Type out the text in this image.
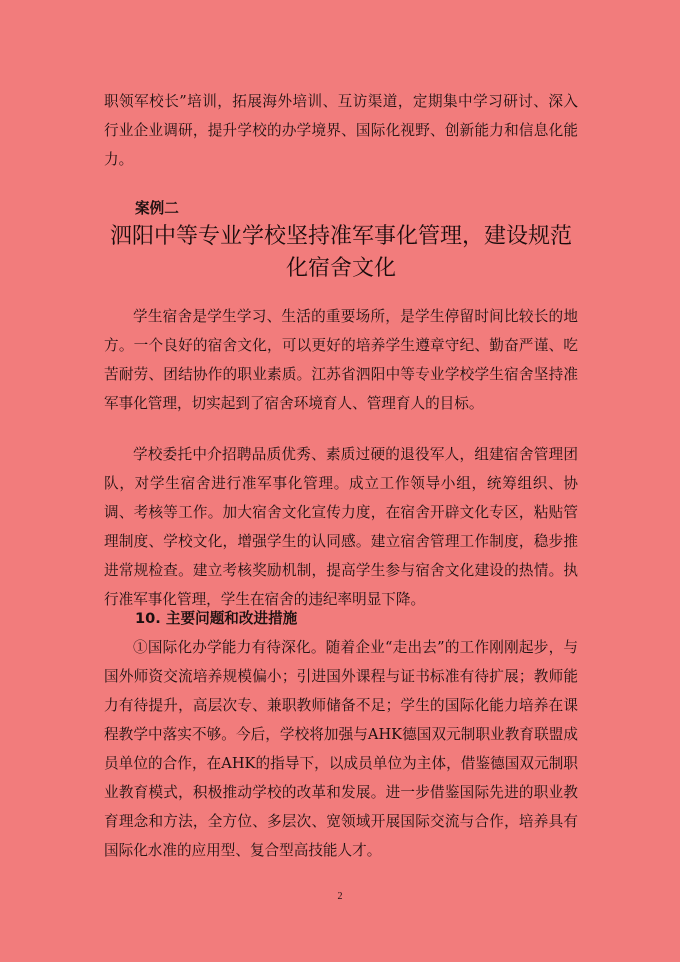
职领军校长”培训，拓展海外培训、互访渠道，定期集中学习研讨、深入行业企业调研，提升学校的办学境界、国际化视野、创新能力和信息化能力。

案例二

泗阳中等专业学校坚持准军事化管理，建设规范化宿舍文化

学生宿舍是学生学习、生活的重要场所，是学生停留时间比较长的地方。一个良好的宿舍文化，可以更好的培养学生遵章守纪、勤奋严谨、吃苦耐劳、团结协作的职业素质。江苏省泗阳中等专业学校学生宿舍坚持准军事化管理，切实起到了宿舍环境育人、管理育人的目标。

学校委托中介招聘品质优秀、素质过硬的退役军人，组建宿舍管理团队，对学生宿舍进行准军事化管理。成立工作领导小组，统筹组织、协调、考核等工作。加大宿舍文化宣传力度，在宿舍开辟文化专区，粘贴管理制度、学校文化，增强学生的认同感。建立宿舍管理工作制度，稳步推进常规检查。建立考核奖励机制，提高学生参与宿舍文化建设的热情。执行准军事化管理，学生在宿舍的违纪率明显下降。

10. 主要问题和改进措施

①国际化办学能力有待深化。随着企业“走出去”的工作刚刚起步，与国外师资交流培养规模偏小；引进国外课程与证书标准有待扩展；教师能力有待提升，高层次专、兼职教师储备不足；学生的国际化能力培养在课程教学中落实不够。今后，学校将加强与AHK德国双元制职业教育联盟成员单位的合作，在AHK的指导下，以成员单位为主体，借鉴德国双元制职业教育模式，积极推动学校的改革和发展。进一步借鉴国际先进的职业教育理念和方法，全方位、多层次、宽领域开展国际交流与合作，培养具有国际化水准的应用型、复合型高技能人才。

2
